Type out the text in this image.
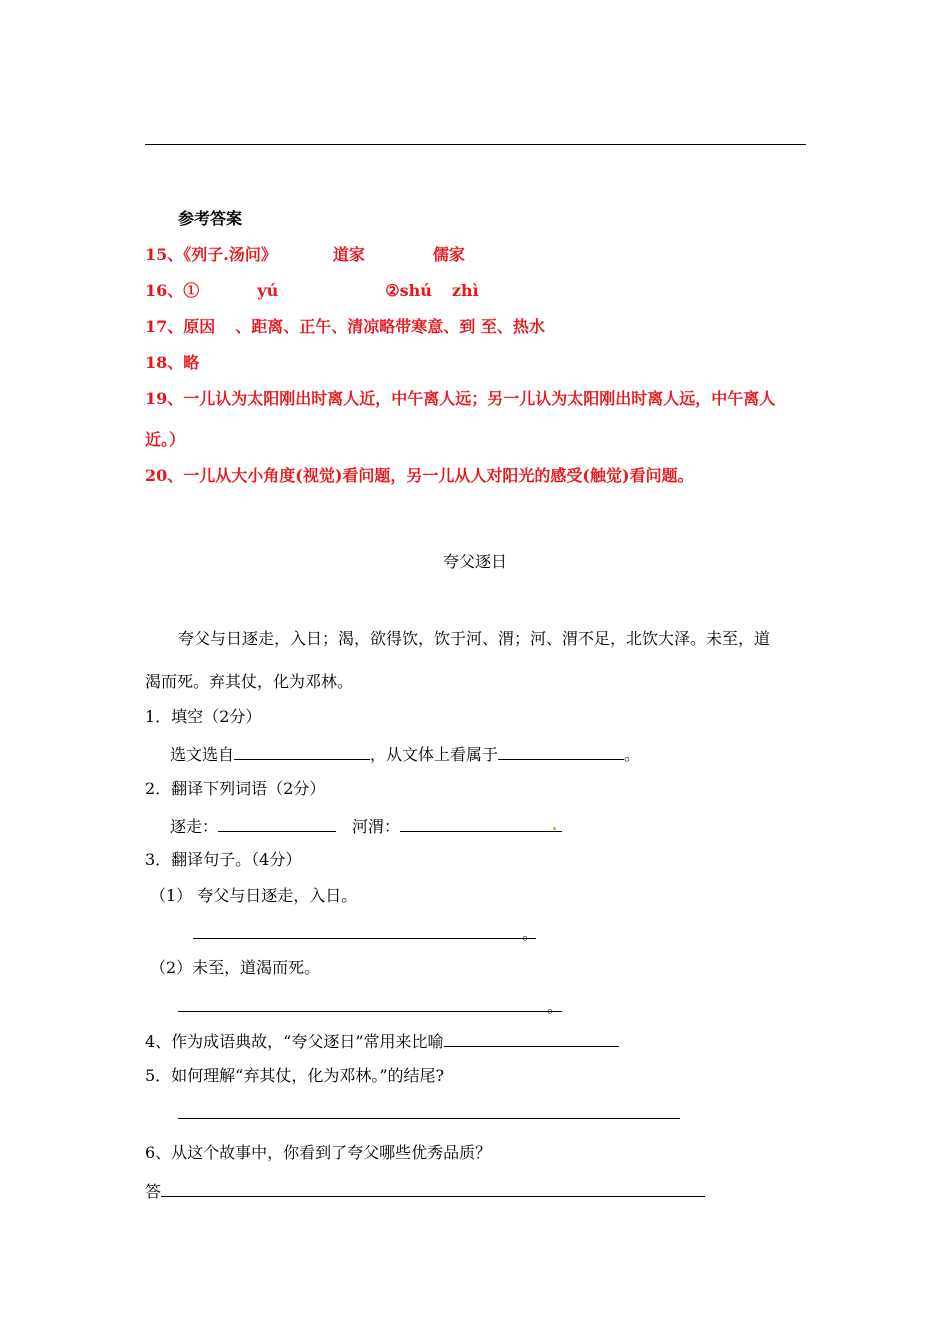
参考答案
15、《列子.汤问》	道家	儒家
16、①	yú	②shú zhì
17、原因 、距离、正午、清凉略带寒意、到 至、热水
18、略
19、一儿认为太阳刚出时离人近，中午离人远；另一儿认为太阳刚出时离人远，中午离人
近。）
20、一儿从大小角度(视觉)看问题，另一儿从人对阳光的感受(触觉)看问题。
夸父逐日
夸父与日逐走，入日；渴，欲得饮，饮于河、渭；河、渭不足，北饮大泽。未至，道
渴而死。弃其仗，化为邓林。
1．填空（2分）
选文选自	，从文体上看属于	。
2．翻译下列词语（2分）
逐走：	河渭：
3．翻译句子。（4分）
（1） 夸父与日逐走，入日。
。
（2）未至，道渴而死。
。
4、作为成语典故，“夸父逐日”常用来比喻
5．如何理解“弃其仗，化为邓林。”的结尾?
6、从这个故事中，你看到了夸父哪些优秀品质？
答
